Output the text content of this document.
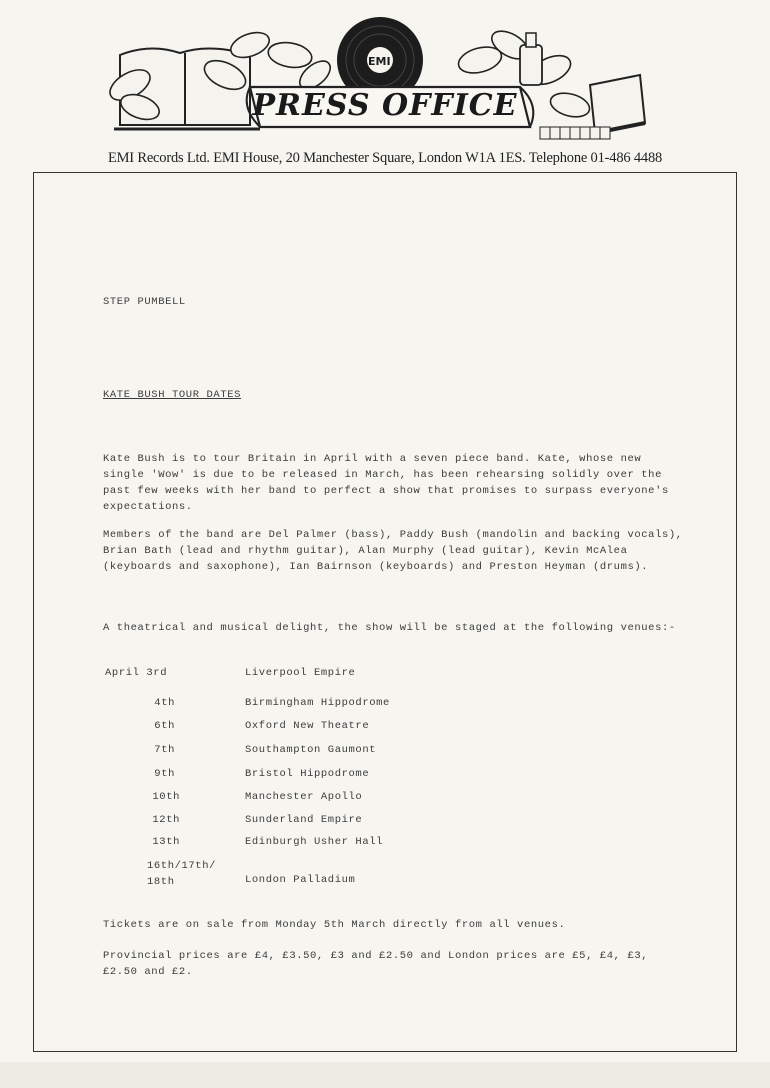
EMI
PRESS OFFICE
EMI Records Ltd. EMI House, 20 Manchester Square, London W1A 1ES. Telephone 01-486 4488
STEP PUMBELL
KATE BUSH TOUR DATES
Kate Bush is to tour Britain in April with a seven piece band. Kate, whose new single 'Wow' is due to be released in March, has been rehearsing solidly over the past few weeks with her band to perfect a show that promises to surpass everyone's expectations.
Members of the band are Del Palmer (bass), Paddy Bush (mandolin and backing vocals), Brian Bath (lead and rhythm guitar), Alan Murphy (lead guitar), Kevin McAlea (keyboards and saxophone), Ian Bairnson (keyboards) and Preston Heyman (drums).
A theatrical and musical delight, the show will be staged at the following venues:-
April 3rd	Liverpool Empire
4th	Birmingham Hippodrome
6th	Oxford New Theatre
7th	Southampton Gaumont
9th	Bristol Hippodrome
10th	Manchester Apollo
12th	Sunderland Empire
13th	Edinburgh Usher Hall
16th/17th/
18th	London Palladium
Tickets are on sale from Monday 5th March directly from all venues.
Provincial prices are £4, £3.50, £3 and £2.50 and London prices are £5, £4, £3, £2.50 and £2.
